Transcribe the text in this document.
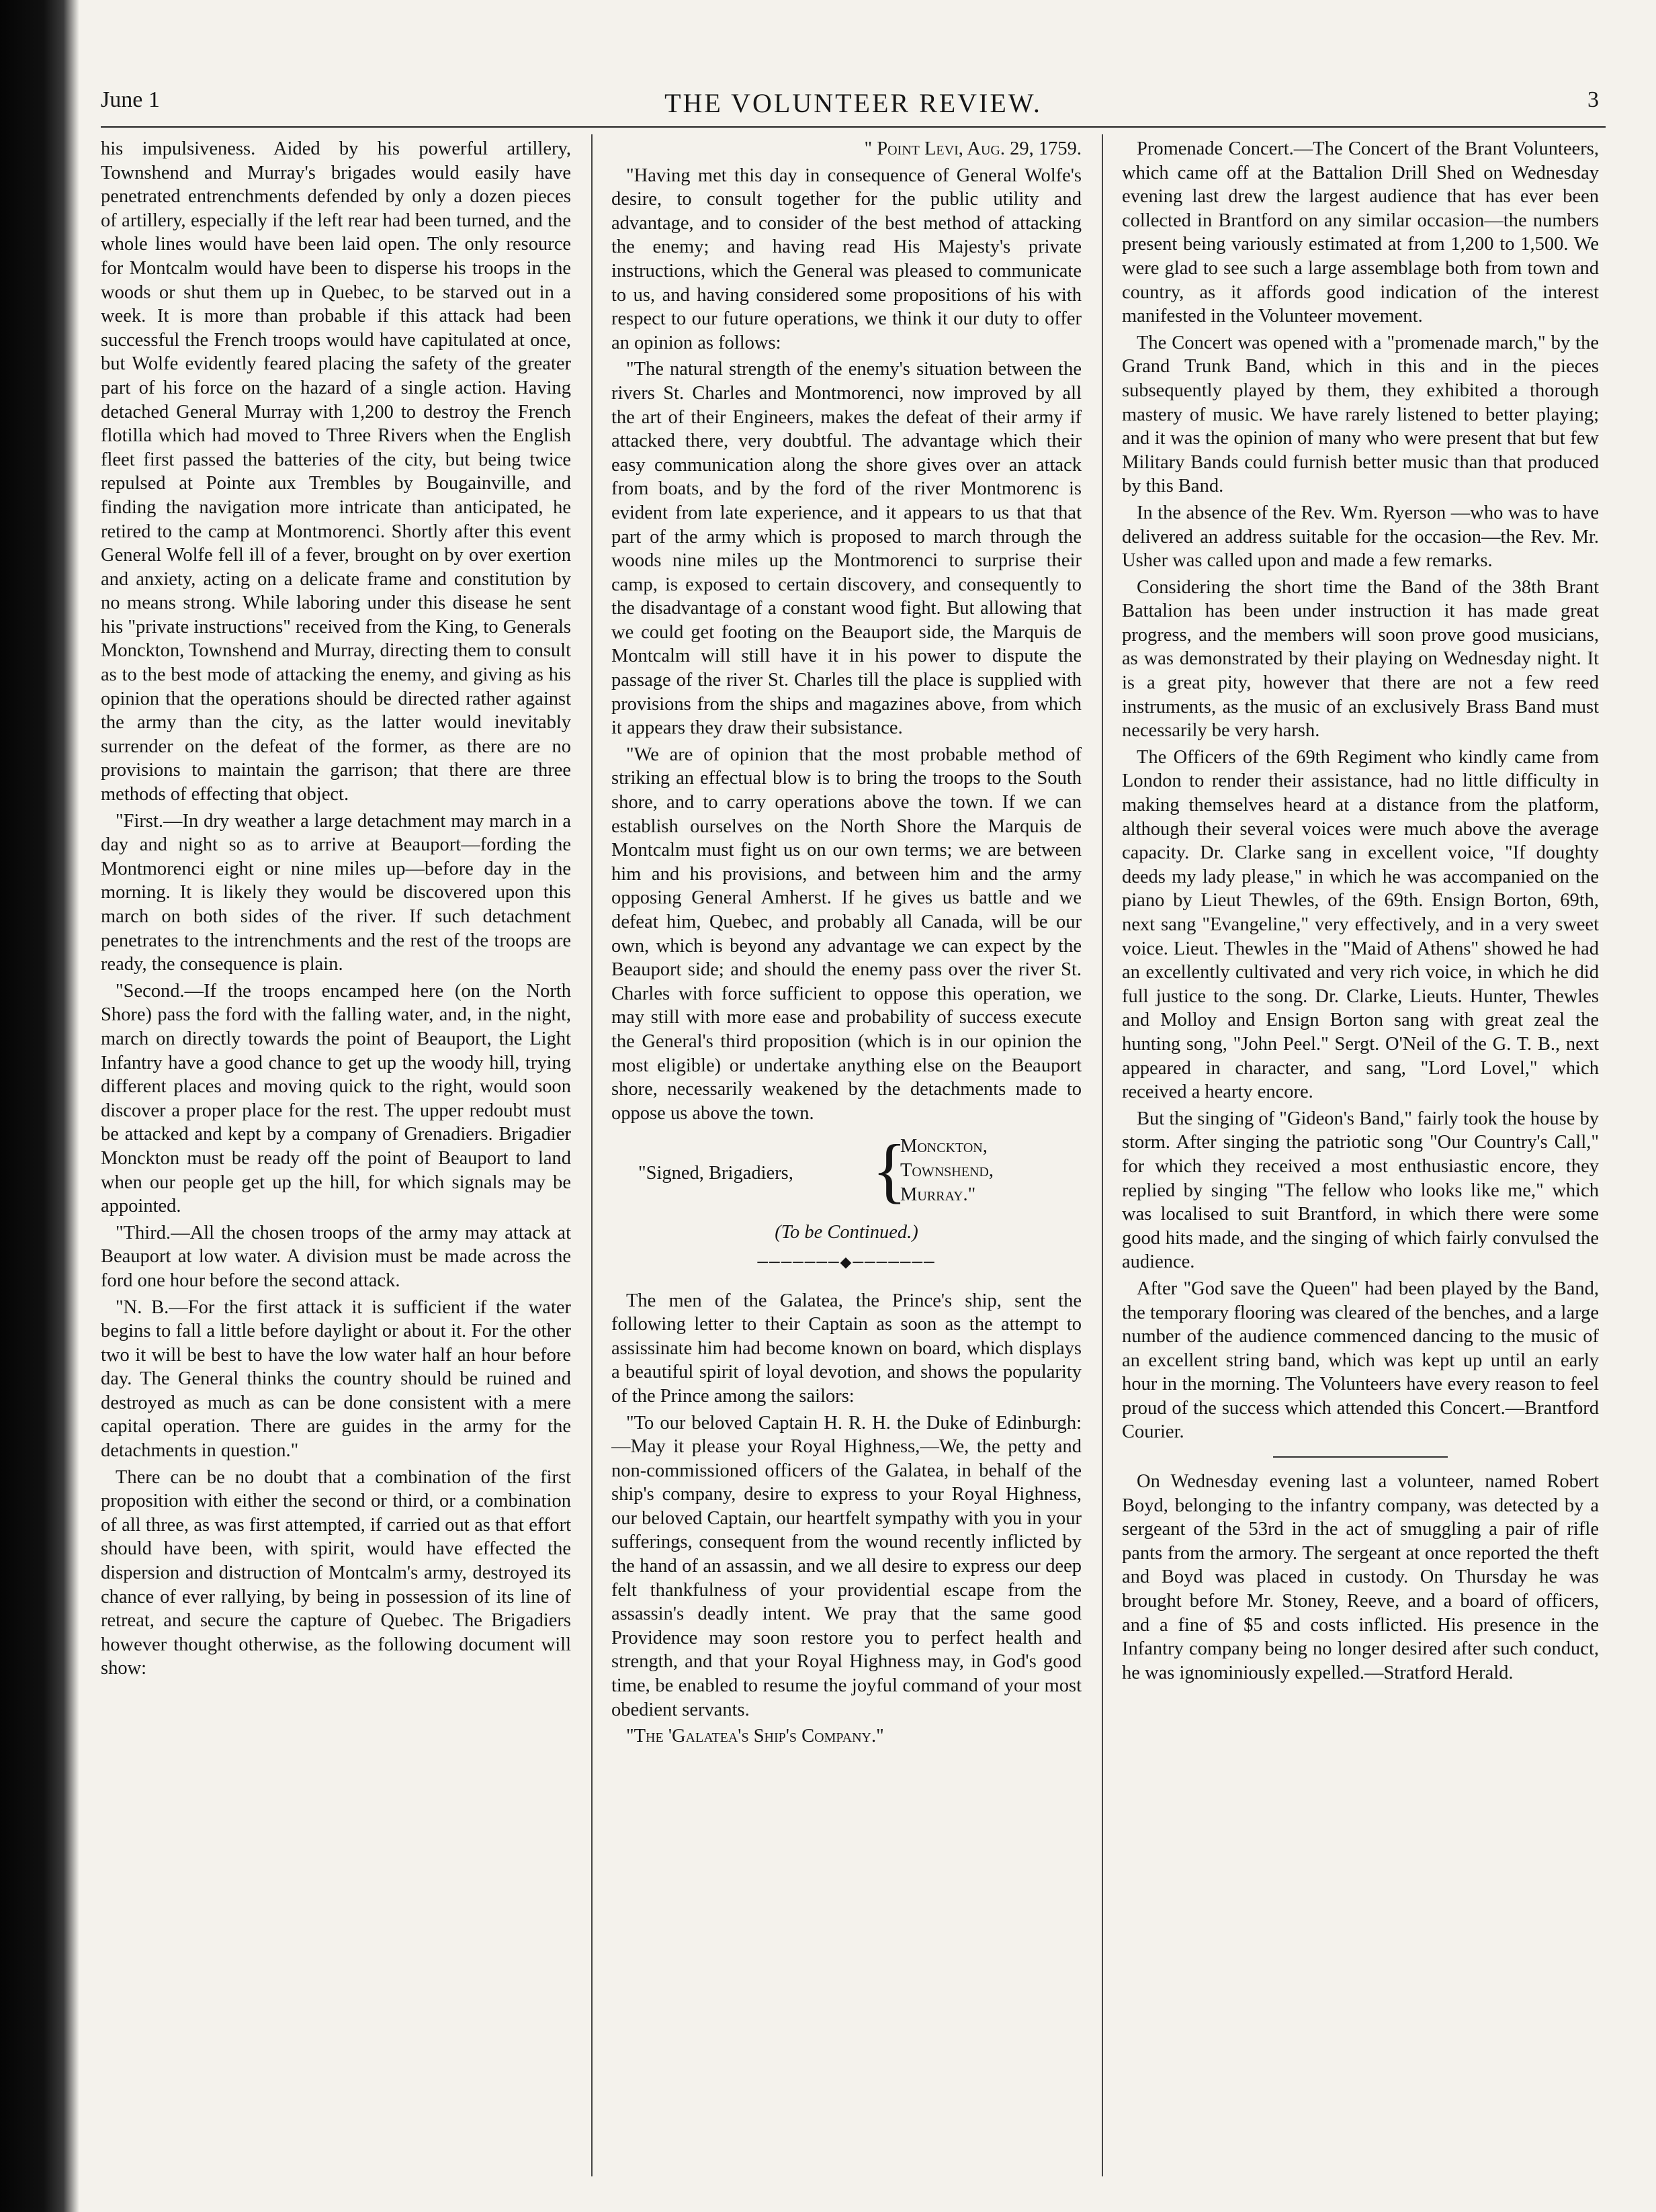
June 1	THE VOLUNTEER REVIEW.	3

his impulsiveness. Aided by his powerful artillery, Townshend and Murray's brigades would easily have penetrated entrenchments defended by only a dozen pieces of artillery, especially if the left rear had been turned, and the whole lines would have been laid open. The only resource for Montcalm would have been to disperse his troops in the woods or shut them up in Quebec, to be starved out in a week. It is more than probable if this attack had been successful the French troops would have capitulated at once, but Wolfe evidently feared placing the safety of the greater part of his force on the hazard of a single action. Having detached General Murray with 1,200 to destroy the French flotilla which had moved to Three Rivers when the English fleet first passed the batteries of the city, but being twice repulsed at Pointe aux Trembles by Bougainville, and finding the navigation more intricate than anticipated, he retired to the camp at Montmorenci. Shortly after this event General Wolfe fell ill of a fever, brought on by over exertion and anxiety, acting on a delicate frame and constitution by no means strong. While laboring under this disease he sent his "private instructions" received from the King, to Generals Monckton, Townshend and Murray, directing them to consult as to the best mode of attacking the enemy, and giving as his opinion that the operations should be directed rather against the army than the city, as the latter would inevitably surrender on the defeat of the former, as there are no provisions to maintain the garrison; that there are three methods of effecting that object.

"First.—In dry weather a large detachment may march in a day and night so as to arrive at Beauport—fording the Montmorenci eight or nine miles up—before day in the morning. It is likely they would be discovered upon this march on both sides of the river. If such detachment penetrates to the intrenchments and the rest of the troops are ready, the consequence is plain.

"Second.—If the troops encamped here (on the North Shore) pass the ford with the falling water, and, in the night, march on directly towards the point of Beauport, the Light Infantry have a good chance to get up the woody hill, trying different places and moving quick to the right, would soon discover a proper place for the rest. The upper redoubt must be attacked and kept by a company of Grenadiers. Brigadier Monckton must be ready off the point of Beauport to land when our people get up the hill, for which signals may be appointed.

"Third.—All the chosen troops of the army may attack at Beauport at low water. A division must be made across the ford one hour before the second attack.

"N. B.—For the first attack it is sufficient if the water begins to fall a little before daylight or about it. For the other two it will be best to have the low water half an hour before day. The General thinks the country should be ruined and destroyed as much as can be done consistent with a mere capital operation. There are guides in the army for the detachments in question."

There can be no doubt that a combination of the first proposition with either the second or third, or a combination of all three, as was first attempted, if carried out as that effort should have been, with spirit, would have effected the dispersion and distruction of Montcalm's army, destroyed its chance of ever rallying, by being in possession of its line of retreat, and secure the capture of Quebec. The Brigadiers however thought otherwise, as the following document will show:

" Point Levi, Aug. 29, 1759.

"Having met this day in consequence of General Wolfe's desire, to consult together for the public utility and advantage, and to consider of the best method of attacking the enemy; and having read His Majesty's private instructions, which the General was pleased to communicate to us, and having considered some propositions of his with respect to our future operations, we think it our duty to offer an opinion as follows:

"The natural strength of the enemy's situation between the rivers St. Charles and Montmorenci, now improved by all the art of their Engineers, makes the defeat of their army if attacked there, very doubtful. The advantage which their easy communication along the shore gives over an attack from boats, and by the ford of the river Montmorenc is evident from late experience, and it appears to us that that part of the army which is proposed to march through the woods nine miles up the Montmorenci to surprise their camp, is exposed to certain discovery, and consequently to the disadvantage of a constant wood fight. But allowing that we could get footing on the Beauport side, the Marquis de Montcalm will still have it in his power to dispute the passage of the river St. Charles till the place is supplied with provisions from the ships and magazines above, from which it appears they draw their subsistance.

"We are of opinion that the most probable method of striking an effectual blow is to bring the troops to the South shore, and to carry operations above the town. If we can establish ourselves on the North Shore the Marquis de Montcalm must fight us on our own terms; we are between him and his provisions, and between him and the army opposing General Amherst. If he gives us battle and we defeat him, Quebec, and probably all Canada, will be our own, which is beyond any advantage we can expect by the Beauport side; and should the enemy pass over the river St. Charles with force sufficient to oppose this operation, we may still with more ease and probability of success execute the General's third proposition (which is in our opinion the most eligible) or undertake anything else on the Beauport shore, necessarily weakened by the detachments made to oppose us above the town.

"Signed, Brigadiers, {
Monckton,
Townshend,
Murray."
(To be Continued.)
───────◆───────

The men of the Galatea, the Prince's ship, sent the following letter to their Captain as soon as the attempt to assissinate him had become known on board, which displays a beautiful spirit of loyal devotion, and shows the popularity of the Prince among the sailors:

"To our beloved Captain H. R. H. the Duke of Edinburgh:—May it please your Royal Highness,—We, the petty and non-commissioned officers of the Galatea, in behalf of the ship's company, desire to express to your Royal Highness, our beloved Captain, our heartfelt sympathy with you in your sufferings, consequent from the wound recently inflicted by the hand of an assassin, and we all desire to express our deep felt thankfulness of your providential escape from the assassin's deadly intent. We pray that the same good Providence may soon restore you to perfect health and strength, and that your Royal Highness may, in God's good time, be enabled to resume the joyful command of your most obedient servants.

"The 'Galatea's Ship's Company."

Promenade Concert.—The Concert of the Brant Volunteers, which came off at the Battalion Drill Shed on Wednesday evening last drew the largest audience that has ever been collected in Brantford on any similar occasion—the numbers present being variously estimated at from 1,200 to 1,500. We were glad to see such a large assemblage both from town and country, as it affords good indication of the interest manifested in the Volunteer movement.

The Concert was opened with a "promenade march," by the Grand Trunk Band, which in this and in the pieces subsequently played by them, they exhibited a thorough mastery of music. We have rarely listened to better playing; and it was the opinion of many who were present that but few Military Bands could furnish better music than that produced by this Band.

In the absence of the Rev. Wm. Ryerson —who was to have delivered an address suitable for the occasion—the Rev. Mr. Usher was called upon and made a few remarks.

Considering the short time the Band of the 38th Brant Battalion has been under instruction it has made great progress, and the members will soon prove good musicians, as was demonstrated by their playing on Wednesday night. It is a great pity, however that there are not a few reed instruments, as the music of an exclusively Brass Band must necessarily be very harsh.

The Officers of the 69th Regiment who kindly came from London to render their assistance, had no little difficulty in making themselves heard at a distance from the platform, although their several voices were much above the average capacity. Dr. Clarke sang in excellent voice, "If doughty deeds my lady please," in which he was accompanied on the piano by Lieut Thewles, of the 69th. Ensign Borton, 69th, next sang "Evangeline," very effectively, and in a very sweet voice. Lieut. Thewles in the "Maid of Athens" showed he had an excellently cultivated and very rich voice, in which he did full justice to the song. Dr. Clarke, Lieuts. Hunter, Thewles and Molloy and Ensign Borton sang with great zeal the hunting song, "John Peel." Sergt. O'Neil of the G. T. B., next appeared in character, and sang, "Lord Lovel," which received a hearty encore.

But the singing of "Gideon's Band," fairly took the house by storm. After singing the patriotic song "Our Country's Call," for which they received a most enthusiastic encore, they replied by singing "The fellow who looks like me," which was localised to suit Brantford, in which there were some good hits made, and the singing of which fairly convulsed the audience.

After "God save the Queen" had been played by the Band, the temporary flooring was cleared of the benches, and a large number of the audience commenced dancing to the music of an excellent string band, which was kept up until an early hour in the morning. The Volunteers have every reason to feel proud of the success which attended this Concert.—Brantford Courier.

On Wednesday evening last a volunteer, named Robert Boyd, belonging to the infantry company, was detected by a sergeant of the 53rd in the act of smuggling a pair of rifle pants from the armory. The sergeant at once reported the theft and Boyd was placed in custody. On Thursday he was brought before Mr. Stoney, Reeve, and a board of officers, and a fine of $5 and costs inflicted. His presence in the Infantry company being no longer desired after such conduct, he was ignominiously expelled.—Stratford Herald.
